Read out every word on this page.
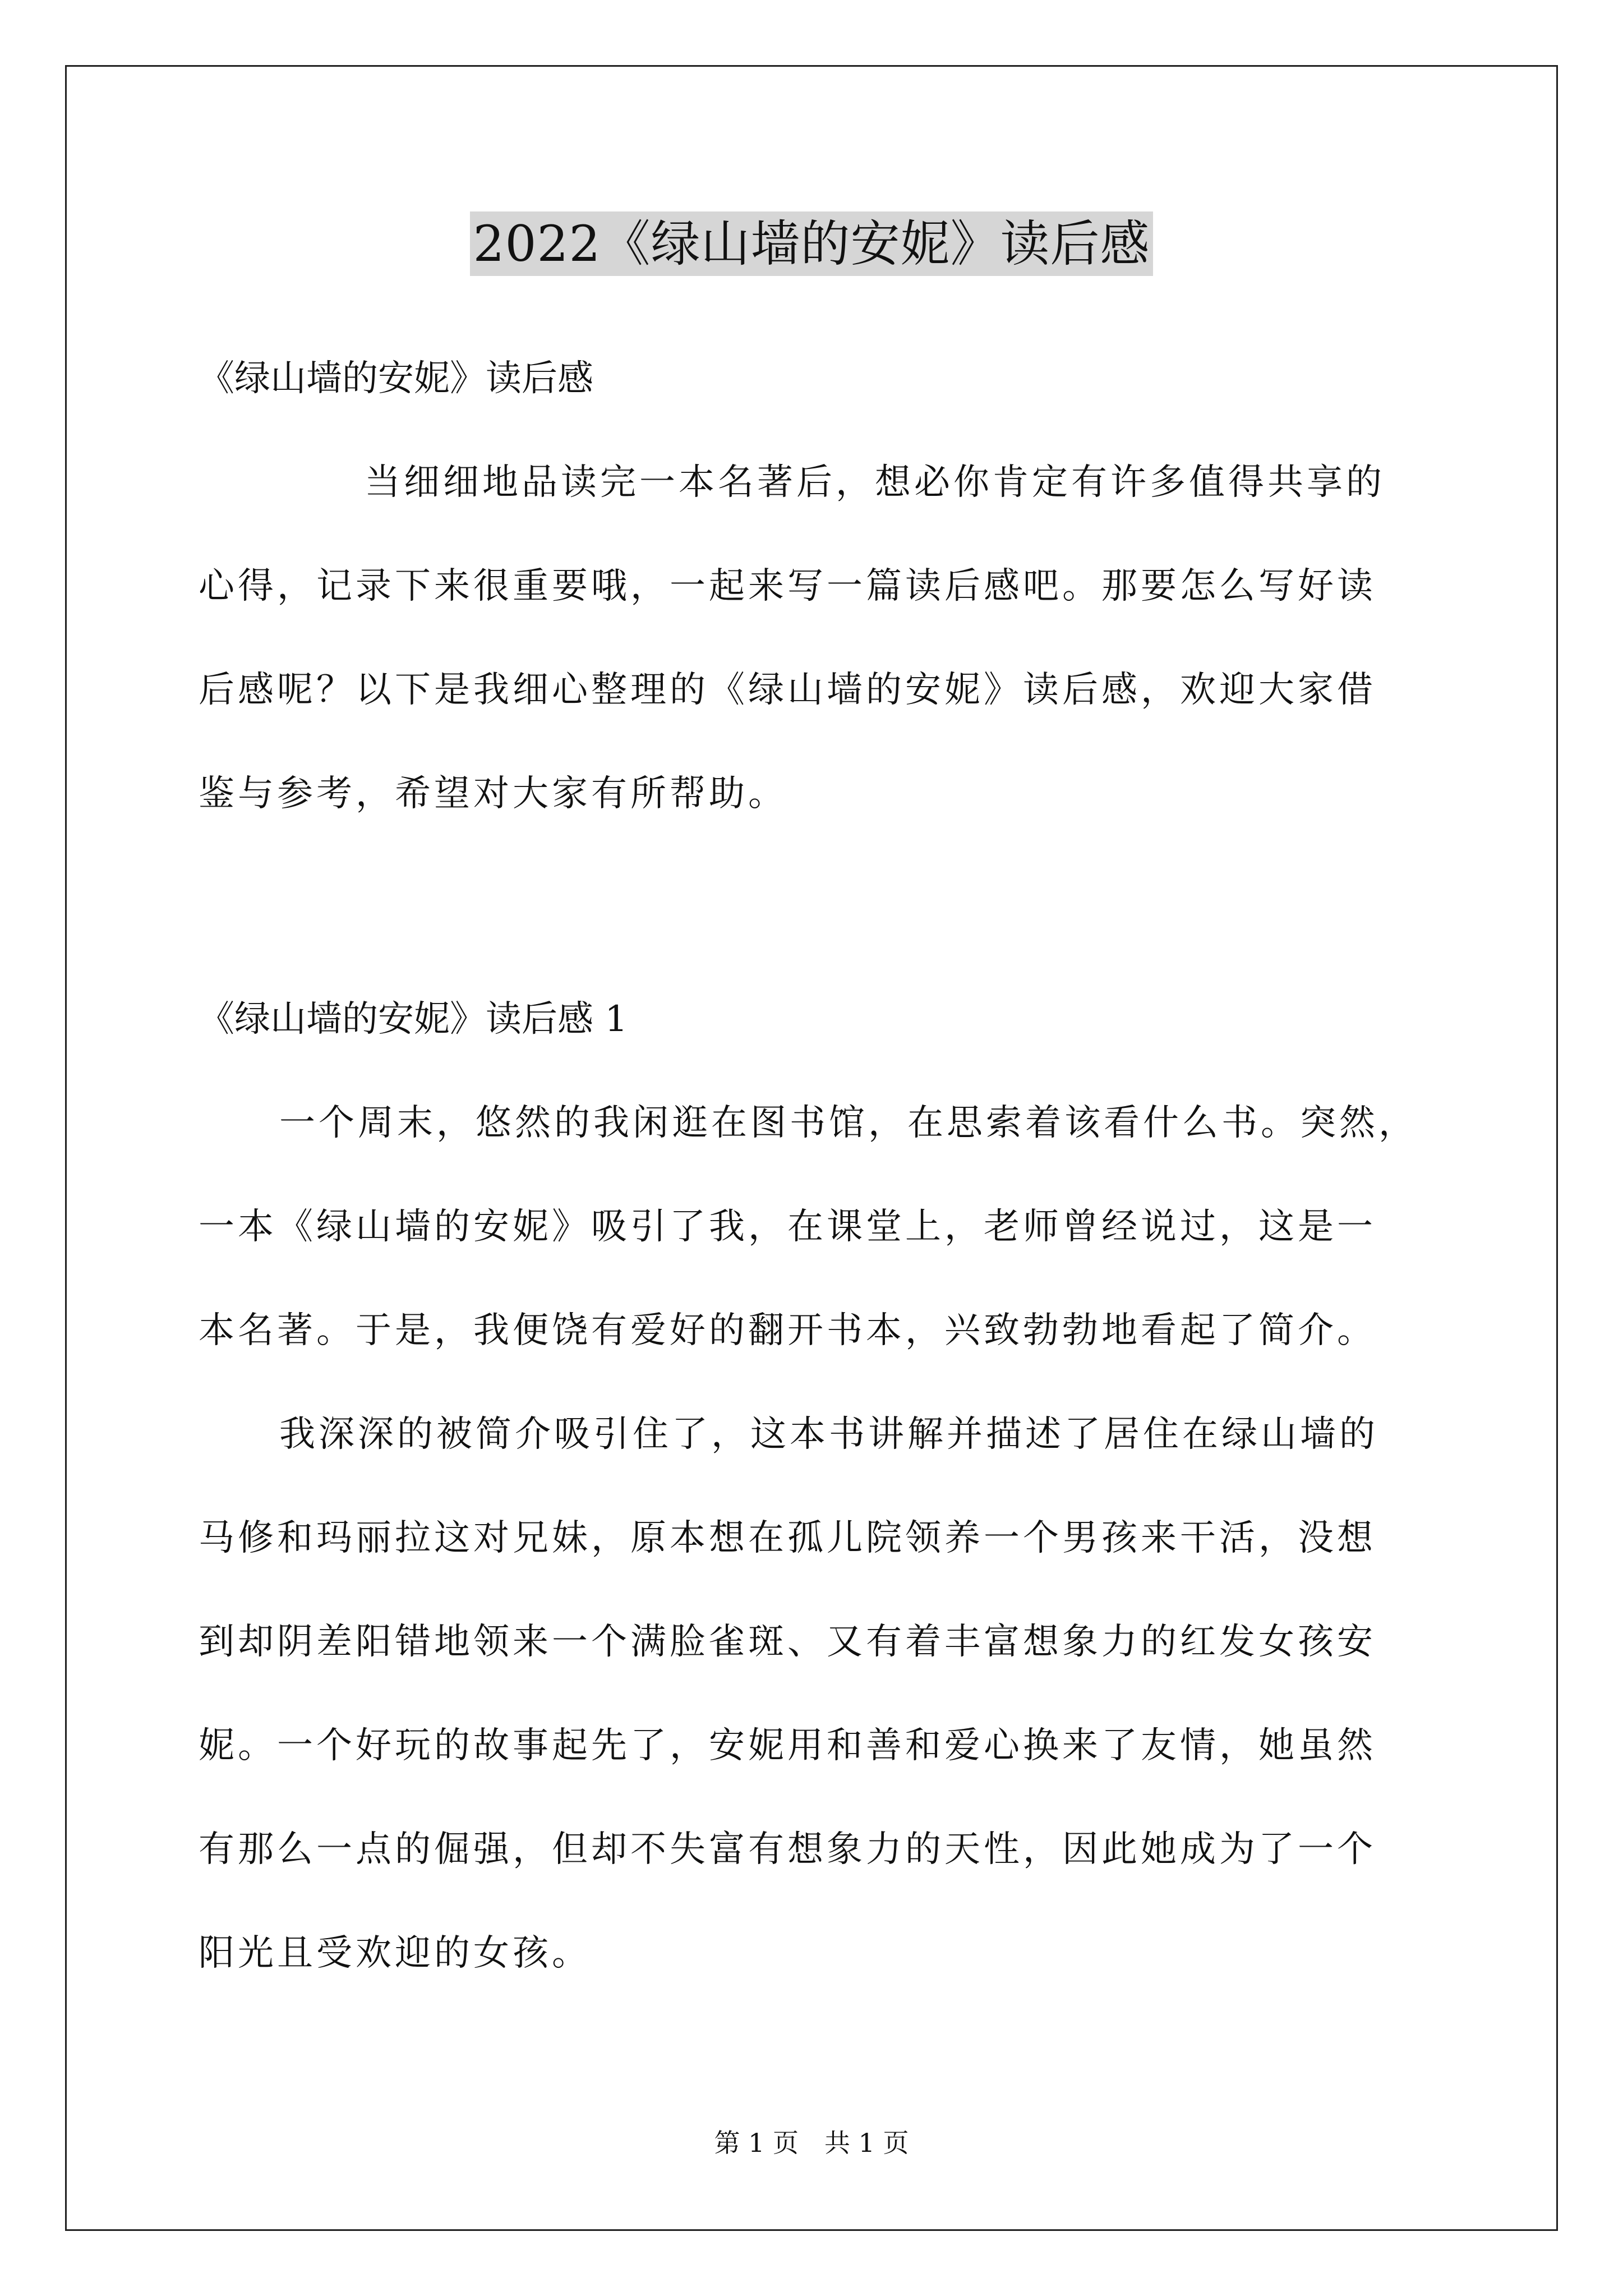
2022《绿山墙的安妮》读后感
《绿山墙的安妮》读后感
当细细地品读完一本名著后，想必你肯定有许多值得共享的
心得，记录下来很重要哦，一起来写一篇读后感吧。那要怎么写好读
后感呢？以下是我细心整理的《绿山墙的安妮》读后感，欢迎大家借
鉴与参考，希望对大家有所帮助。
《绿山墙的安妮》读后感 1
一个周末，悠然的我闲逛在图书馆，在思索着该看什么书。突然，
一本《绿山墙的安妮》吸引了我，在课堂上，老师曾经说过，这是一
本名著。于是，我便饶有爱好的翻开书本，兴致勃勃地看起了简介。
我深深的被简介吸引住了，这本书讲解并描述了居住在绿山墙的
马修和玛丽拉这对兄妹，原本想在孤儿院领养一个男孩来干活，没想
到却阴差阳错地领来一个满脸雀斑、又有着丰富想象力的红发女孩安
妮。一个好玩的故事起先了，安妮用和善和爱心换来了友情，她虽然
有那么一点的倔强，但却不失富有想象力的天性，因此她成为了一个
阳光且受欢迎的女孩。
第 1 页　共 1 页
